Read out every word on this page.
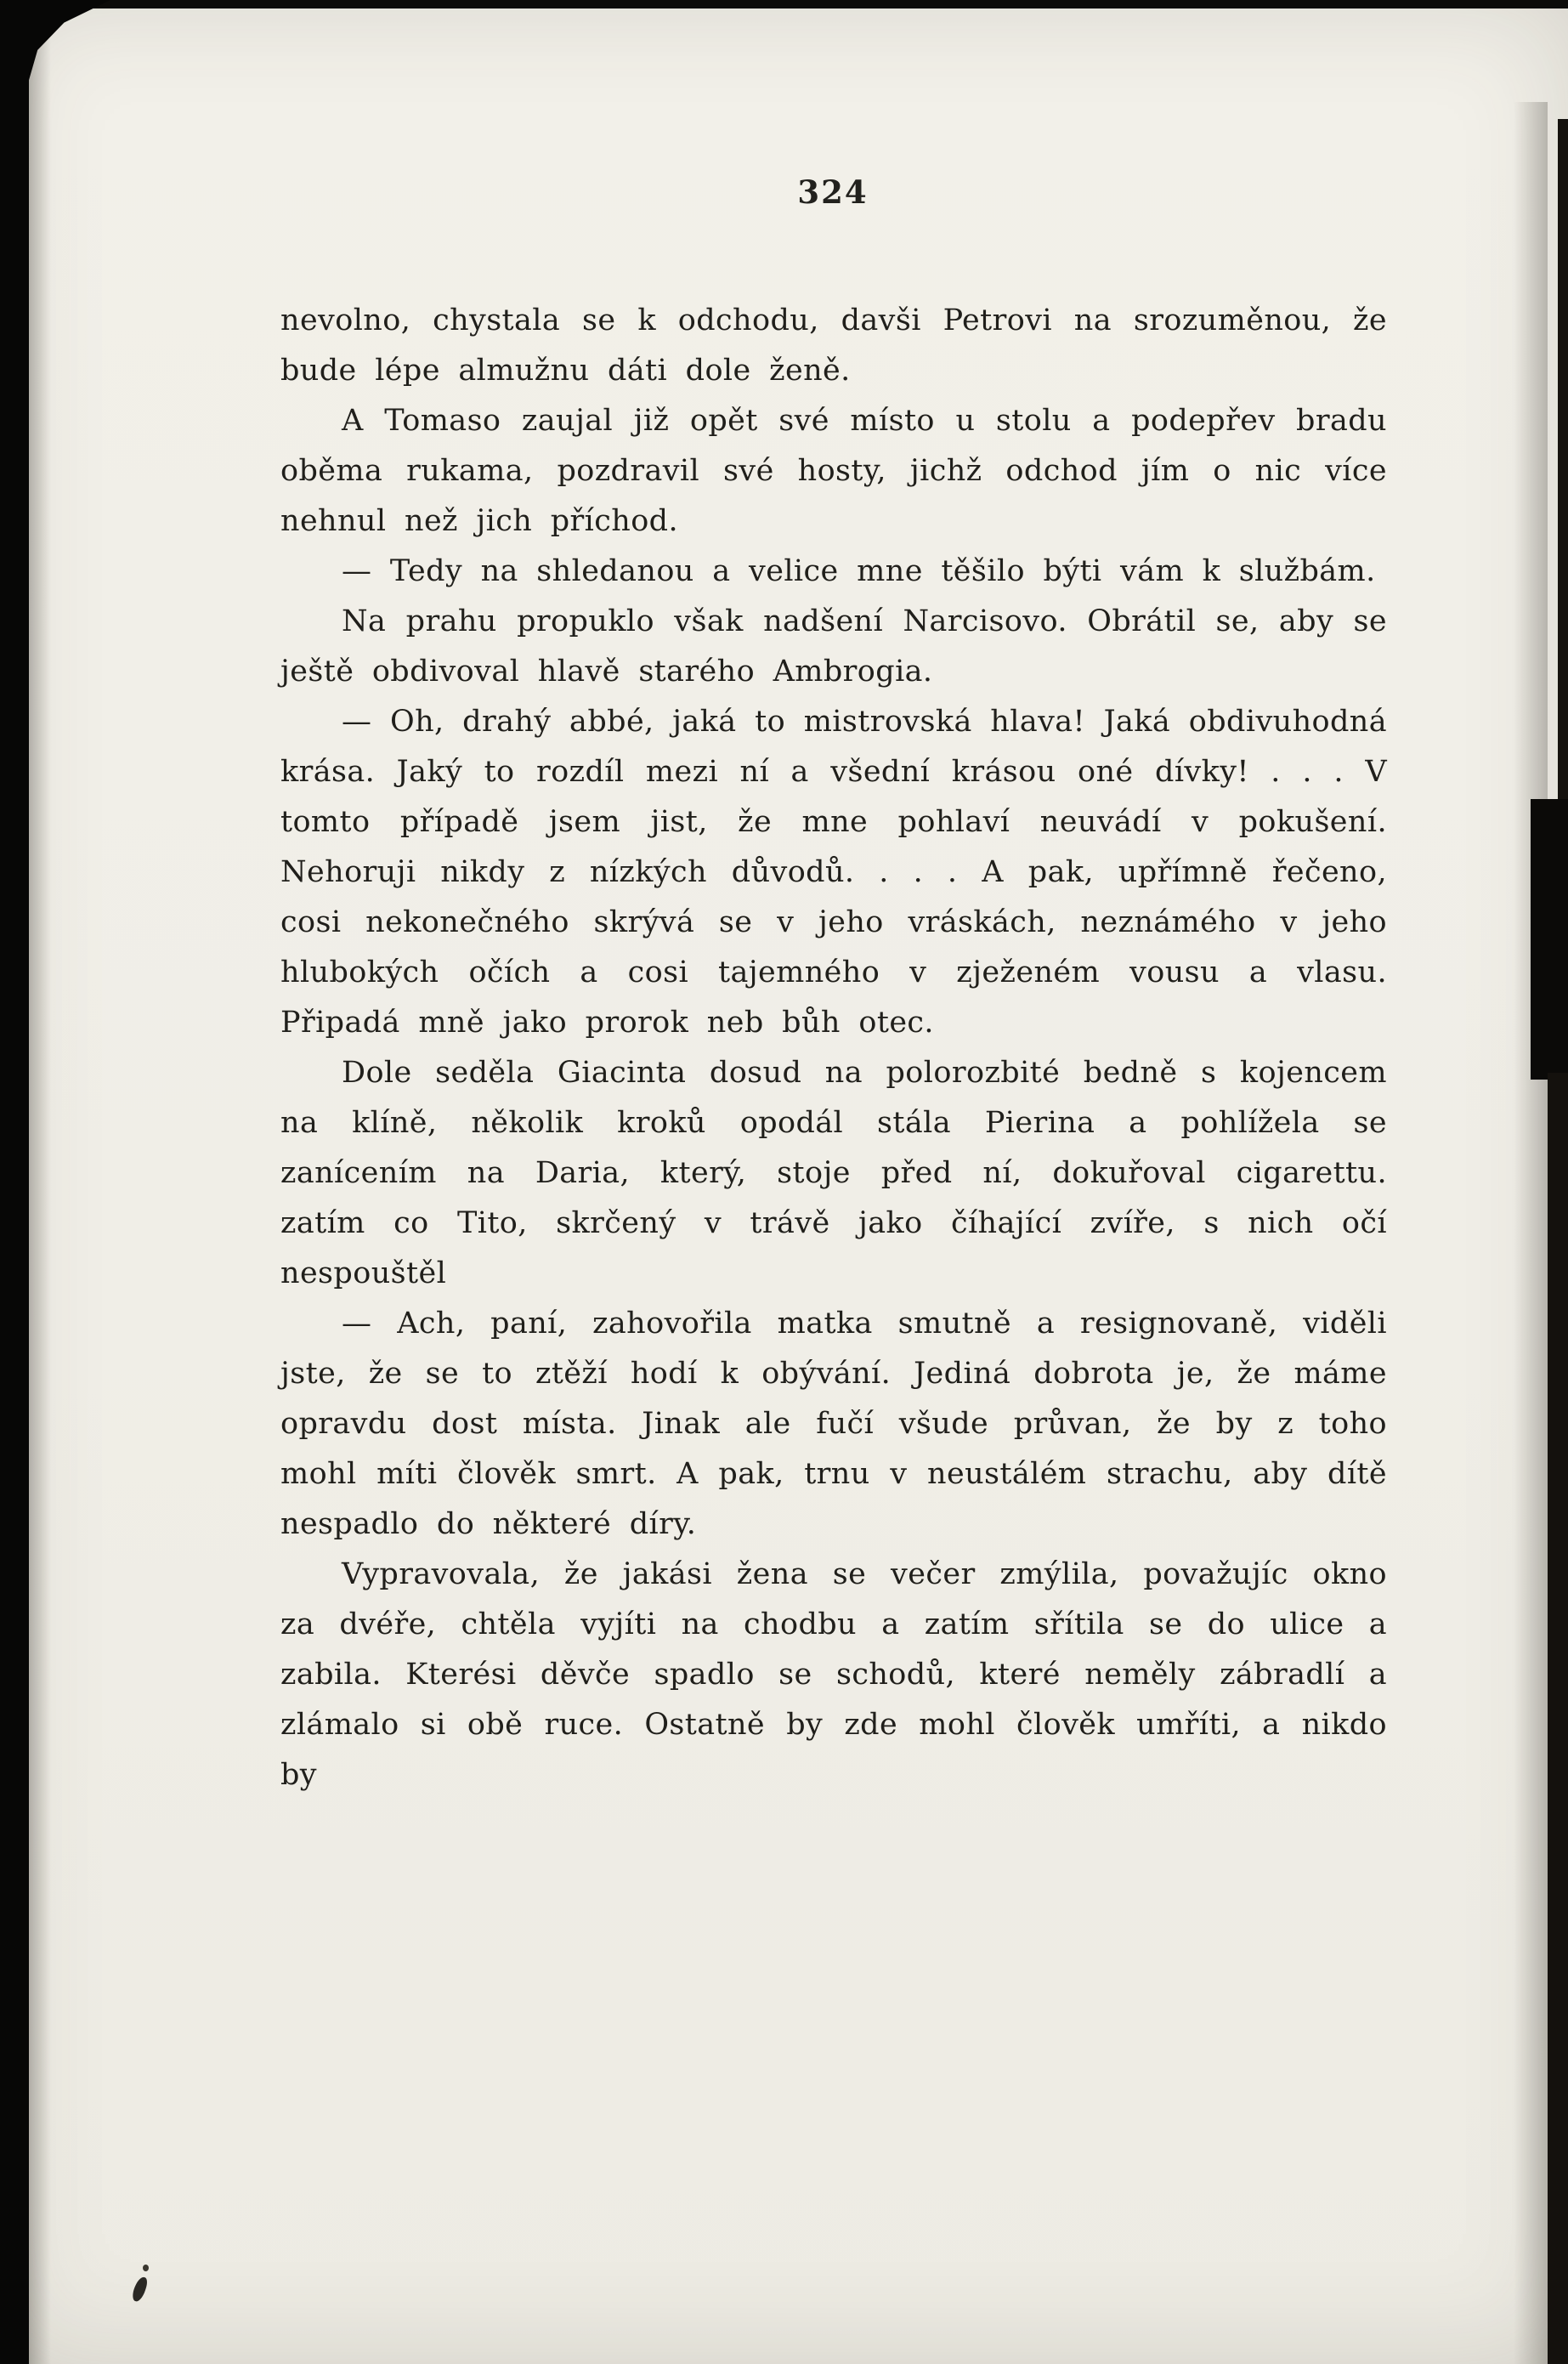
324

nevolno, chystala se k odchodu, davši Petrovi na srozuměnou, že bude lépe almužnu dáti dole ženě.

A Tomaso zaujal již opět své místo u stolu a podepřev bradu oběma rukama, pozdravil své hosty, jichž odchod jím o nic více nehnul než jich příchod.

— Tedy na shledanou a velice mne těšilo býti vám k službám.

Na prahu propuklo však nadšení Narcisovo. Obrátil se, aby se ještě obdivoval hlavě starého Ambrogia.

— Oh, drahý abbé, jaká to mistrovská hlava! Jaká obdivuhodná krása. Jaký to rozdíl mezi ní a všední krásou oné dívky! . . . V tomto případě jsem jist, že mne pohlaví neuvádí v pokušení. Nehoruji nikdy z nízkých důvodů. . . . A pak, upřímně řečeno, cosi nekonečného skrývá se v jeho vráskách, neznámého v jeho hlubokých očích a cosi tajemného v zježeném vousu a vlasu. Připadá mně jako prorok neb bůh otec.

Dole seděla Giacinta dosud na polorozbité bedně s kojencem na klíně, několik kroků opodál stála Pierina a pohlížela se zanícením na Daria, který, stoje před ní, dokuřoval cigarettu. zatím co Tito, skrčený v trávě jako číhající zvíře, s nich očí nespouštěl

— Ach, paní, zahovořila matka smutně a resignovaně, viděli jste, že se to ztěží hodí k obývání. Jediná dobrota je, že máme opravdu dost místa. Jinak ale fučí všude průvan, že by z toho mohl míti člověk smrt. A pak, trnu v neustálém strachu, aby dítě nespadlo do některé díry.

Vypravovala, že jakási žena se večer zmýlila, považujíc okno za dvéře, chtěla vyjíti na chodbu a zatím sřítila se do ulice a zabila. Kterési děvče spadlo se schodů, které neměly zábradlí a zlámalo si obě ruce. Ostatně by zde mohl člověk umříti, a nikdo by
